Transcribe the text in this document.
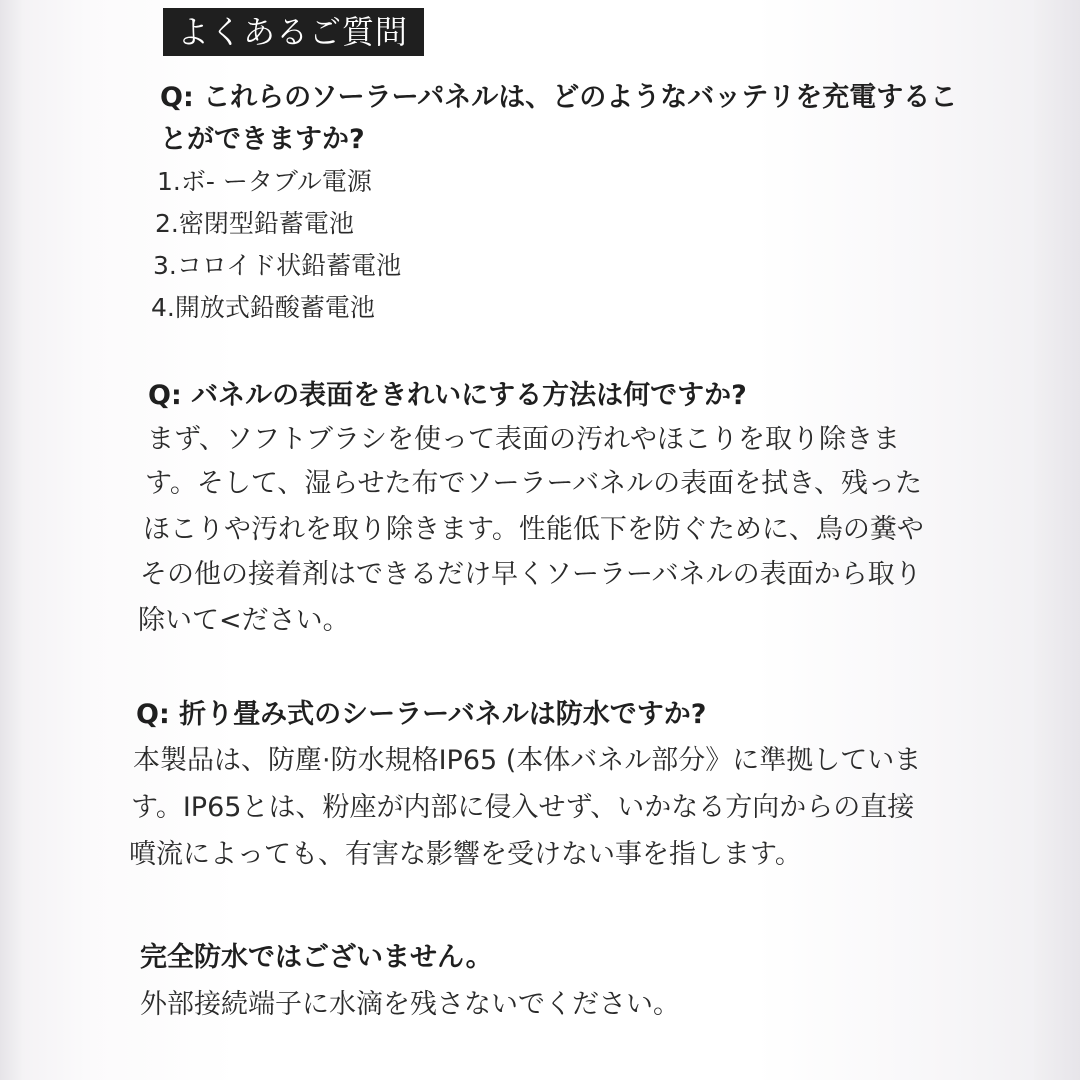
よくあるご質問
Q: これらのソーラーパネルは、どのようなバッテリを充電するこ
とができますか?
1.ボ- ータブル電源
2.密閉型鉛蓄電池
3.コロイド状鉛蓄電池
4.開放式鉛酸蓄電池
Q: バネルの表面をきれいにする方法は何ですか?
まず、ソフトブラシを使って表面の汚れやほこりを取り除きま
す。そして、湿らせた布でソーラーバネルの表面を拭き、残った
ほこりや汚れを取り除きます。性能低下を防ぐために、鳥の糞や
その他の接着剤はできるだけ早くソーラーバネルの表面から取り
除いて<ださい。
Q: 折り畳み式のシーラーバネルは防水ですか?
本製品は、防塵·防水規格IP65 (本体バネル部分》に準拠していま
す。IP65とは、粉座が内部に侵入せず、いかなる方向からの直接
噴流によっても、有害な影響を受けない事を指します。
完全防水ではございません。
外部接続端子に水滴を残さないでください。
